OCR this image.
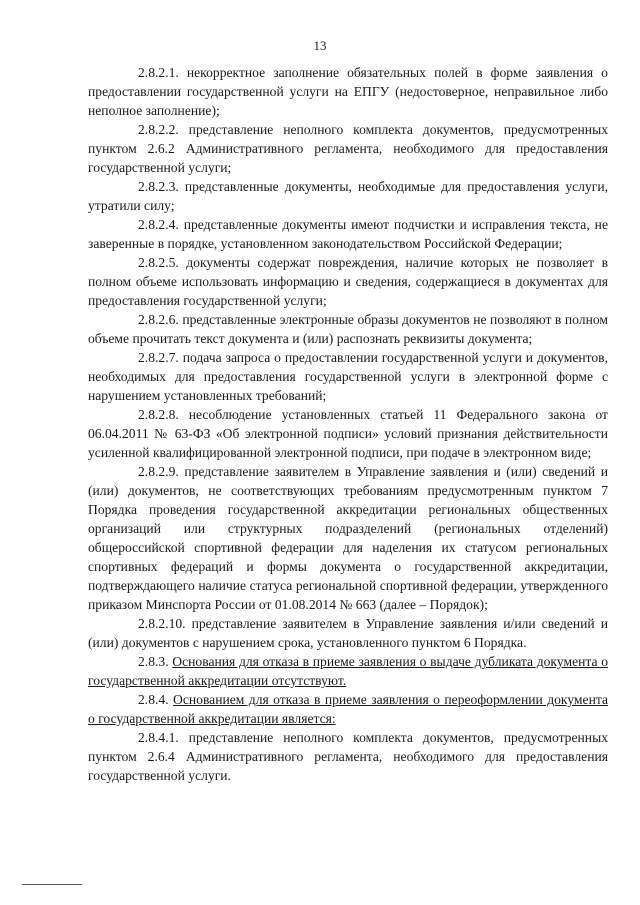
13

2.8.2.1. некорректное заполнение обязательных полей в форме заявления о предоставлении государственной услуги на ЕПГУ (недостоверное, неправильное либо неполное заполнение);

2.8.2.2. представление неполного комплекта документов, предусмотренных пунктом 2.6.2 Административного регламента, необходимого для предоставления государственной услуги;

2.8.2.3. представленные документы, необходимые для предоставления услуги, утратили силу;

2.8.2.4. представленные документы имеют подчистки и исправления текста, не заверенные в порядке, установленном законодательством Российской Федерации;

2.8.2.5. документы содержат повреждения, наличие которых не позволяет в полном объеме использовать информацию и сведения, содержащиеся в документах для предоставления государственной услуги;

2.8.2.6. представленные электронные образы документов не позволяют в полном объеме прочитать текст документа и (или) распознать реквизиты документа;

2.8.2.7. подача запроса о предоставлении государственной услуги и документов, необходимых для предоставления государственной услуги в электронной форме с нарушением установленных требований;

2.8.2.8. несоблюдение установленных статьей 11 Федерального закона от 06.04.2011 № 63-ФЗ «Об электронной подписи» условий признания действительности усиленной квалифицированной электронной подписи, при подаче в электронном виде;

2.8.2.9. представление заявителем в Управление заявления и (или) сведений и (или) документов, не соответствующих требованиям предусмотренным пунктом 7 Порядка проведения государственной аккредитации региональных общественных организаций или структурных подразделений (региональных отделений) общероссийской спортивной федерации для наделения их статусом региональных спортивных федераций и формы документа о государственной аккредитации, подтверждающего наличие статуса региональной спортивной федерации, утвержденного приказом Минспорта России от 01.08.2014 № 663 (далее – Порядок);

2.8.2.10. представление заявителем в Управление заявления и/или сведений и (или) документов с нарушением срока, установленного пунктом 6 Порядка.

2.8.3. Основания для отказа в приеме заявления о выдаче дубликата документа о государственной аккредитации отсутствуют.

2.8.4. Основанием для отказа в приеме заявления о переоформлении документа о государственной аккредитации является:

2.8.4.1. представление неполного комплекта документов, предусмотренных пунктом 2.6.4 Административного регламента, необходимого для предоставления государственной услуги.
